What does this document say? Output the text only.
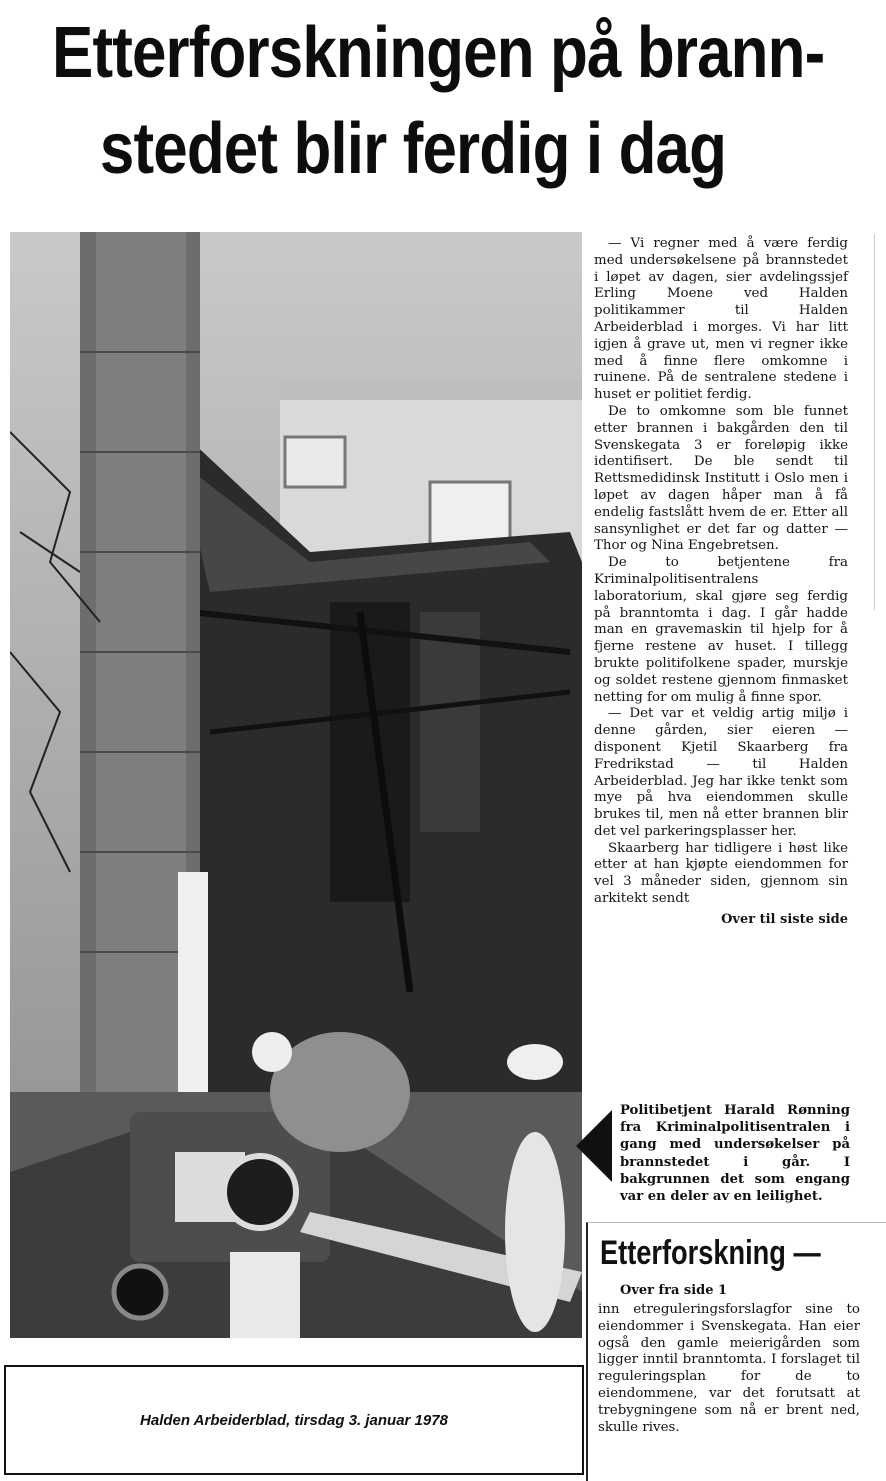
Etterforskningen på brann-
stedet blir ferdig i dag

— Vi regner med å være ferdig med undersøkelsene på brannstedet i løpet av dagen, sier avdelingssjef Erling Moene ved Halden politikammer til Halden Arbeiderblad i morges. Vi har litt igjen å grave ut, men vi regner ikke med å finne flere omkomne i ruinene. På de sentralene stedene i huset er politiet ferdig.

De to omkomne som ble funnet etter brannen i bakgården den til Svenskegata 3 er foreløpig ikke identifisert. De ble sendt til Rettsmedidinsk Institutt i Oslo men i løpet av dagen håper man å få endelig fastslått hvem de er. Etter all sansynlighet er det far og datter — Thor og Nina Engebretsen.

De to betjentene fra Kriminalpolitisentralens laboratorium, skal gjøre seg ferdig på branntomta i dag. I går hadde man en gravemaskin til hjelp for å fjerne restene av huset. I tillegg brukte politifolkene spader, murskje og soldet restene gjennom finmasket netting for om mulig å finne spor.

— Det var et veldig artig miljø i denne gården, sier eieren — disponent Kjetil Skaarberg fra Fredrikstad — til Halden Arbeiderblad. Jeg har ikke tenkt som mye på hva eiendommen skulle brukes til, men nå etter brannen blir det vel parkeringsplasser her.

Skaarberg har tidligere i høst like etter at han kjøpte eiendommen for vel 3 måneder siden, gjennom sin arkitekt sendt

Over til siste side
Politibetjent Harald Rønning fra Kriminalpolitisentralen i gang med undersøkelser på brannstedet i går. I bakgrunnen det som engang var en deler av en leilighet.
Etterforskning —
Over fra side 1
inn etreguleringsforslagfor sine to eiendommer i Svenskegata. Han eier også den gamle meierigården som ligger inntil branntomta. I forslaget til reguleringsplan for de to eiendommene, var det forutsatt at trebygningene som nå er brent ned, skulle rives.
Halden Arbeiderblad, tirsdag 3. januar 1978
